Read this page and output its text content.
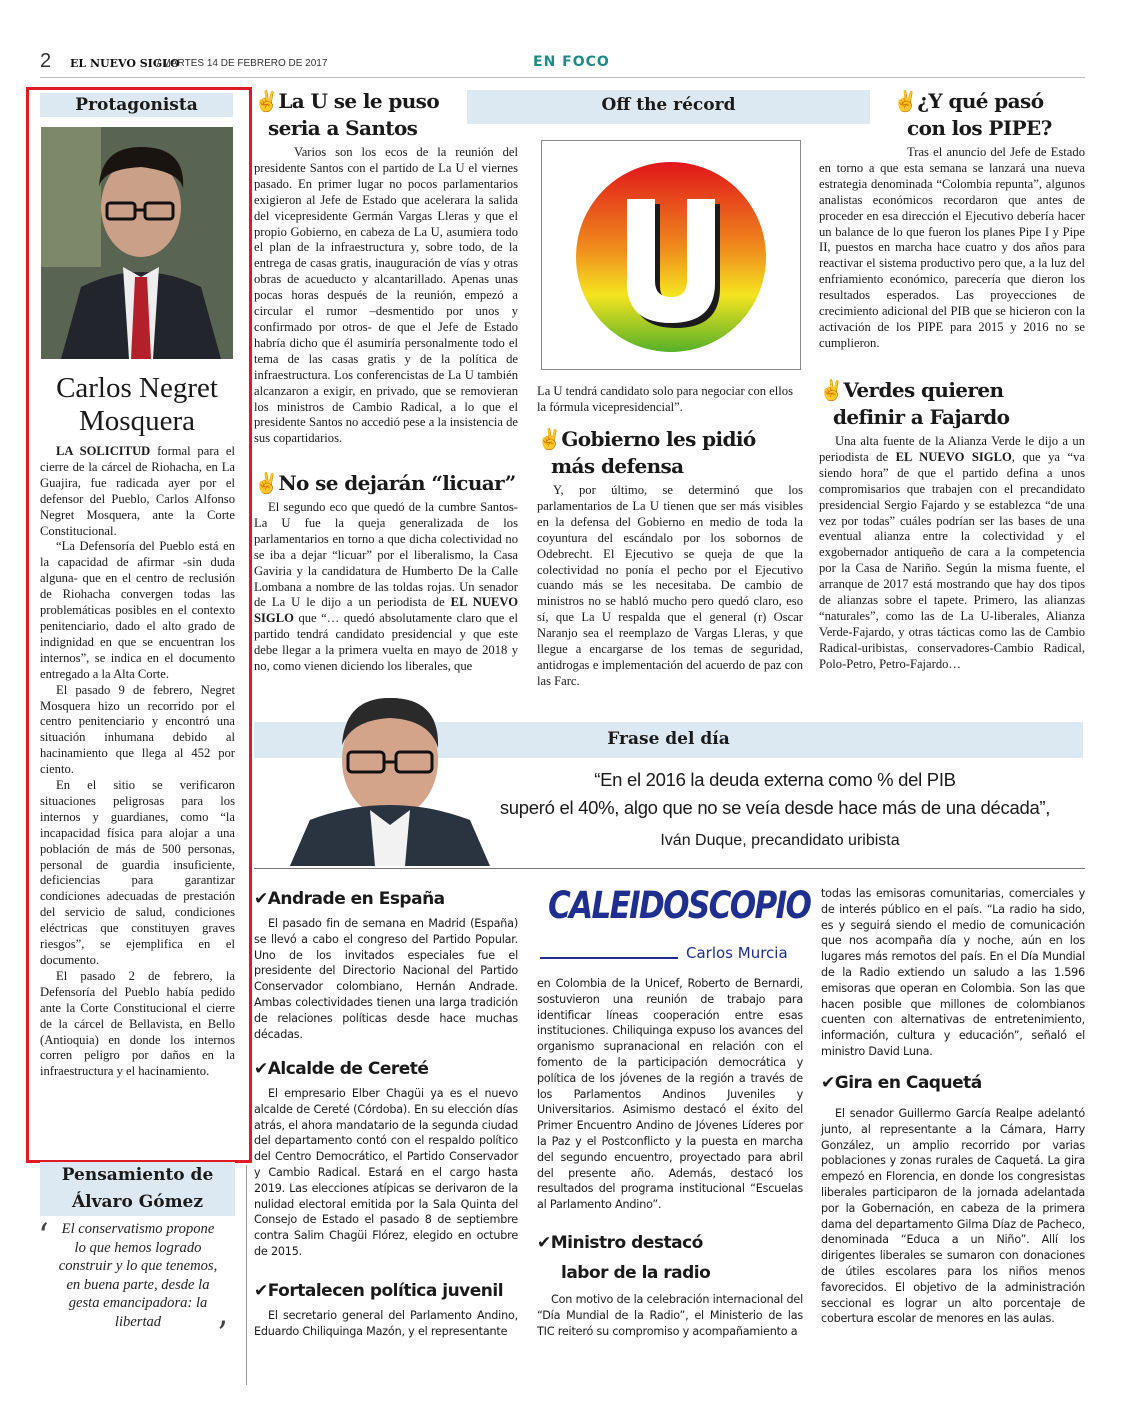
2 EL NUEVO SIGLO
/ MARTES 14 DE FEBRERO DE 2017	EN FOCO
Protagonista
Carlos Negret
Mosquera

LA SOLICITUD formal para el cierre de la cárcel de Riohacha, en La Guajira, fue radicada ayer por el defensor del Pueblo, Carlos Alfonso Negret Mosquera, ante la Corte Constitucional.

“La Defensoría del Pueblo está en la capacidad de afirmar -sin duda alguna- que en el centro de reclusión de Riohacha convergen todas las problemáticas posibles en el contexto penitenciario, dado el alto grado de indignidad en que se encuentran los internos”, se indica en el documento entregado a la Alta Corte.

El pasado 9 de febrero, Negret Mosquera hizo un recorrido por el centro penitenciario y encontró una situación inhumana debido al hacinamiento que llega al 452 por ciento.

En el sitio se verificaron situaciones peligrosas para los internos y guardianes, como “la incapacidad física para alojar a una población de más de 500 personas, personal de guardia insuficiente, deficiencias para garantizar condiciones adecuadas de prestación del servicio de salud, condiciones eléctricas que constituyen graves riesgos”, se ejemplifica en el documento.

El pasado 2 de febrero, la Defensoría del Pueblo había pedido ante la Corte Constitucional el cierre de la cárcel de Bellavista, en Bello (Antioquia) en donde los internos corren peligro por daños en la infraestructura y el hacinamiento.

Pensamiento de
Álvaro Gómez
‘ El conservatismo propone lo que hemos logrado construir y lo que tenemos, en buena parte, desde la gesta emancipadora: la libertad	’
✌La U se le puso
seria a Santos

Varios son los ecos de la reunión del presidente Santos con el partido de La U el viernes pasado. En primer lugar no pocos parlamentarios exigieron al Jefe de Estado que acelerara la salida del vicepresidente Germán Vargas Lleras y que el propio Gobierno, en cabeza de La U, asumiera todo el plan de la infraestructura y, sobre todo, de la entrega de casas gratis, inauguración de vías y otras obras de acueducto y alcantarillado. Apenas unas pocas horas después de la reunión, empezó a circular el rumor –desmentido por unos y confirmado por otros- de que el Jefe de Estado habría dicho que él asumiría personalmente todo el tema de las casas gratis y de la política de infraestructura. Los conferencistas de La U también alcanzaron a exigir, en privado, que se removieran los ministros de Cambio Radical, a lo que el presidente Santos no accedió pese a la insistencia de sus copartidarios.

✌No se dejarán “licuar”

El segundo eco que quedó de la cumbre Santos-La U fue la queja generalizada de los parlamentarios en torno a que dicha colectividad no se iba a dejar “licuar” por el liberalismo, la Casa Gaviria y la candidatura de Humberto De la Calle Lombana a nombre de las toldas rojas. Un senador de La U le dijo a un periodista de EL NUEVO SIGLO que “… quedó absolutamente claro que el partido tendrá candidato presidencial y que este debe llegar a la primera vuelta en mayo de 2018 y no, como vienen diciendo los liberales, que

Off the récord
La U tendrá candidato solo para negociar con ellos la fórmula vicepresidencial”.
✌Gobierno les pidió
más defensa

Y, por último, se determinó que los parlamentarios de La U tienen que ser más visibles en la defensa del Gobierno en medio de toda la coyuntura del escándalo por los sobornos de Odebrecht. El Ejecutivo se queja de que la colectividad no ponía el pecho por el Ejecutivo cuando más se les necesitaba. De cambio de ministros no se habló mucho pero quedó claro, eso sí, que La U respalda que el general (r) Oscar Naranjo sea el reemplazo de Vargas Lleras, y que llegue a encargarse de los temas de seguridad, antidrogas e implementación del acuerdo de paz con las Farc.

✌¿Y qué pasó
con los PIPE?

Tras el anuncio del Jefe de Estado en torno a que esta semana se lanzará una nueva estrategia denominada “Colombia repunta”, algunos analistas económicos recordaron que antes de proceder en esa dirección el Ejecutivo debería hacer un balance de lo que fueron los planes Pipe I y Pipe II, puestos en marcha hace cuatro y dos años para reactivar el sistema productivo pero que, a la luz del enfriamiento económico, parecería que dieron los resultados esperados. Las proyecciones de crecimiento adicional del PIB que se hicieron con la activación de los PIPE para 2015 y 2016 no se cumplieron.

✌Verdes quieren
definir a Fajardo

Una alta fuente de la Alianza Verde le dijo a un periodista de EL NUEVO SIGLO, que ya “va siendo hora” de que el partido defina a unos compromisarios que trabajen con el precandidato presidencial Sergio Fajardo y se establezca “de una vez por todas” cuáles podrían ser las bases de una eventual alianza entre la colectividad y el exgobernador antiqueño de cara a la competencia por la Casa de Nariño. Según la misma fuente, el arranque de 2017 está mostrando que hay dos tipos de alianzas sobre el tapete. Primero, las alianzas “naturales”, como las de La U-liberales, Alianza Verde-Fajardo, y otras tácticas como las de Cambio Radical-uribistas, conservadores-Cambio Radical, Polo-Petro, Petro-Fajardo…

Frase del día
“En el 2016 la deuda externa como % del PIB
superó el 40%, algo que no se veía desde hace más de una década”,
Iván Duque, precandidato uribista
✔Andrade en España

El pasado fin de semana en Madrid (España) se llevó a cabo el congreso del Partido Popular. Uno de los invitados especiales fue el presidente del Directorio Nacional del Partido Conservador colombiano, Hernán Andrade. Ambas colectividades tienen una larga tradición de relaciones políticas desde hace muchas décadas.

✔Alcalde de Cereté

El empresario Elber Chagüi ya es el nuevo alcalde de Cereté (Córdoba). En su elección días atrás, el ahora mandatario de la segunda ciudad del departamento contó con el respaldo político del Centro Democrático, el Partido Conservador y Cambio Radical. Estará en el cargo hasta 2019. Las elecciones atípicas se derivaron de la nulidad electoral emitida por la Sala Quinta del Consejo de Estado el pasado 8 de septiembre contra Salim Chagüi Flórez, elegido en octubre de 2015.

✔Fortalecen política juvenil

El secretario general del Parlamento Andino, Eduardo Chiliquinga Mazón, y el representante

CALEIDOSCOPIO
Carlos Murcia

en Colombia de la Unicef, Roberto de Bernardi, sostuvieron una reunión de trabajo para identificar líneas cooperación entre esas instituciones. Chiliquinga expuso los avances del organismo supranacional en relación con el fomento de la participación democrática y política de los jóvenes de la región a través de los Parlamentos Andinos Juveniles y Universitarios. Asimismo destacó el éxito del Primer Encuentro Andino de Jóvenes Líderes por la Paz y el Postconflicto y la puesta en marcha del segundo encuentro, proyectado para abril del presente año. Además, destacó los resultados del programa institucional “Escuelas al Parlamento Andino”.

✔Ministro destacó
labor de la radio

Con motivo de la celebración internacional del “Día Mundial de la Radio”, el Ministerio de las TIC reiteró su compromiso y acompañamiento a

todas las emisoras comunitarias, comerciales y de interés público en el país. “La radio ha sido, es y seguirá siendo el medio de comunicación que nos acompaña día y noche, aún en los lugares más remotos del país. En el Día Mundial de la Radio extiendo un saludo a las 1.596 emisoras que operan en Colombia. Son las que hacen posible que millones de colombianos cuenten con alternativas de entretenimiento, información, cultura y educación”, señaló el ministro David Luna.

✔Gira en Caquetá

El senador Guillermo García Realpe adelantó junto, al representante a la Cámara, Harry González, un amplio recorrido por varias poblaciones y zonas rurales de Caquetá. La gira empezó en Florencia, en donde los congresistas liberales participaron de la jornada adelantada por la Gobernación, en cabeza de la primera dama del departamento Gilma Díaz de Pacheco, denominada “Educa a un Niño”. Allí los dirigentes liberales se sumaron con donaciones de útiles escolares para los niños menos favorecidos. El objetivo de la administración seccional es lograr un alto porcentaje de cobertura escolar de menores en las aulas.
